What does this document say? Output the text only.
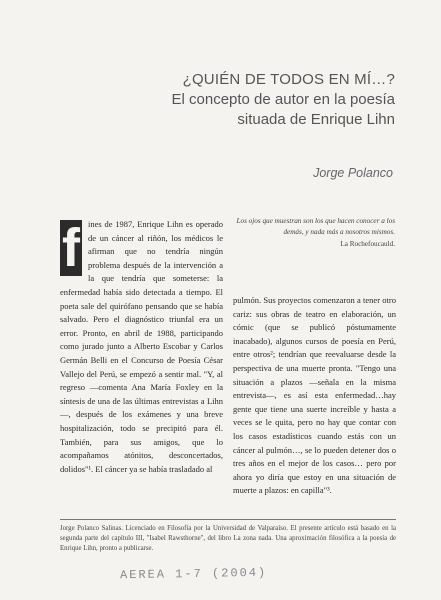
¿QUIÉN DE TODOS EN MÍ…?
El concepto de autor en la poesía
situada de Enrique Lihn
Jorge Polanco
Los ojos que muestran son los que hacen conocer a los demás, y nada más a nosotros mismos.
La Rochefoucauld.
f ines de 1987, Enrique Lihn es operado de un cáncer al riñón, los médicos le afirman que no tendría ningún problema después de la intervención a la que tendría que someterse: la enfermedad había sido detectada a tiempo. El poeta sale del quirófano pensando que se había salvado. Pero el diagnóstico triunfal era un error. Pronto, en abril de 1988, participando como jurado junto a Alberto Escobar y Carlos Germán Belli en el Concurso de Poesía César Vallejo del Perú, se empezó a sentir mal. "Y, al regreso —comenta Ana María Foxley en la síntesis de una de las últimas entrevistas a Lihn—, después de los exámenes y una breve hospitalización, todo se precipitó para él. También, para sus amigos, que lo acompañamos atónitos, desconcertados, dolidos"¹. El cáncer ya se había trasladado al
pulmón. Sus proyectos comenzaron a tener otro cariz: sus obras de teatro en elaboración, un cómic (que se publicó póstumamente inacabado), algunos cursos de poesía en Perú, entre otros²; tendrían que reevaluarse desde la perspectiva de una muerte pronta. "Tengo una situación a plazos —señala en la misma entrevista—, es así esta enfermedad…hay gente que tiene una suerte increíble y hasta a veces se le quita, pero no hay que contar con los casos estadísticos cuando estás con un cáncer al pulmón…, se lo pueden detener dos o tres años en el mejor de los casos… pero por ahora yo diría que estoy en una situación de muerte a plazos: en capilla"³.
Jorge Polanco Salinas. Licenciado en Filosofía por la Universidad de Valparaíso. El presente artículo está basado en la segunda parte del capítulo III, "Isabel Rawsthorne", del libro La zona nada. Una aproximación filosófica a la poesía de Enrique Lihn, pronto a publicarse.
AEREA 1-7 (2004)
